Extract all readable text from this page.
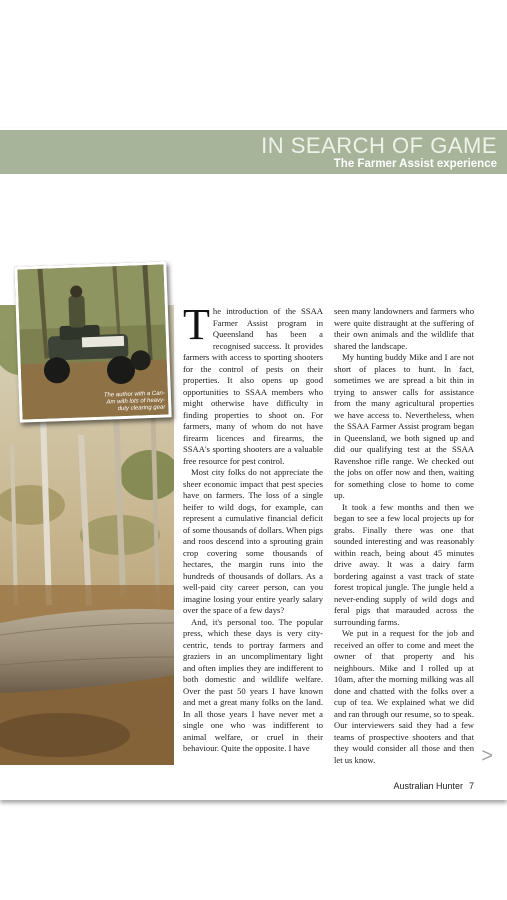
IN SEARCH OF GAME
The Farmer Assist experience
The author with a Can-Am with lots of heavy-duty clearing gear

The introduction of the SSAA Farmer Assist program in Queensland has been a recognised success. It provides farmers with access to sporting shooters for the control of pests on their properties. It also opens up good opportunities to SSAA members who might otherwise have difficulty in finding properties to shoot on. For farmers, many of whom do not have firearm licences and firearms, the SSAA's sporting shooters are a valuable free resource for pest control.

Most city folks do not appreciate the sheer economic impact that pest species have on farmers. The loss of a single heifer to wild dogs, for example, can represent a cumulative financial deficit of some thousands of dollars. When pigs and roos descend into a sprouting grain crop covering some thousands of hectares, the margin runs into the hundreds of thousands of dollars. As a well-paid city career person, can you imagine losing your entire yearly salary over the space of a few days?

And, it's personal too. The popular press, which these days is very city-centric, tends to portray farmers and graziers in an uncomplimentary light and often implies they are indifferent to both domestic and wildlife welfare. Over the past 50 years I have known and met a great many folks on the land. In all those years I have never met a single one who was indifferent to animal welfare, or cruel in their behaviour. Quite the opposite. I have

seen many landowners and farmers who were quite distraught at the suffering of their own animals and the wildlife that shared the landscape.

My hunting buddy Mike and I are not short of places to hunt. In fact, sometimes we are spread a bit thin in trying to answer calls for assistance from the many agricultural properties we have access to. Nevertheless, when the SSAA Farmer Assist program began in Queensland, we both signed up and did our qualifying test at the SSAA Ravenshoe rifle range. We checked out the jobs on offer now and then, waiting for something close to home to come up.

It took a few months and then we began to see a few local projects up for grabs. Finally there was one that sounded interesting and was reasonably within reach, being about 45 minutes drive away. It was a dairy farm bordering against a vast track of state forest tropical jungle. The jungle held a never-ending supply of wild dogs and feral pigs that marauded across the surrounding farms.

We put in a request for the job and received an offer to come and meet the owner of that property and his neighbours. Mike and I rolled up at 10am, after the morning milking was all done and chatted with the folks over a cup of tea. We explained what we did and ran through our resume, so to speak. Our interviewers said they had a few teams of prospective shooters and that they would consider all those and then let us know.	>
Australian Hunter 7
